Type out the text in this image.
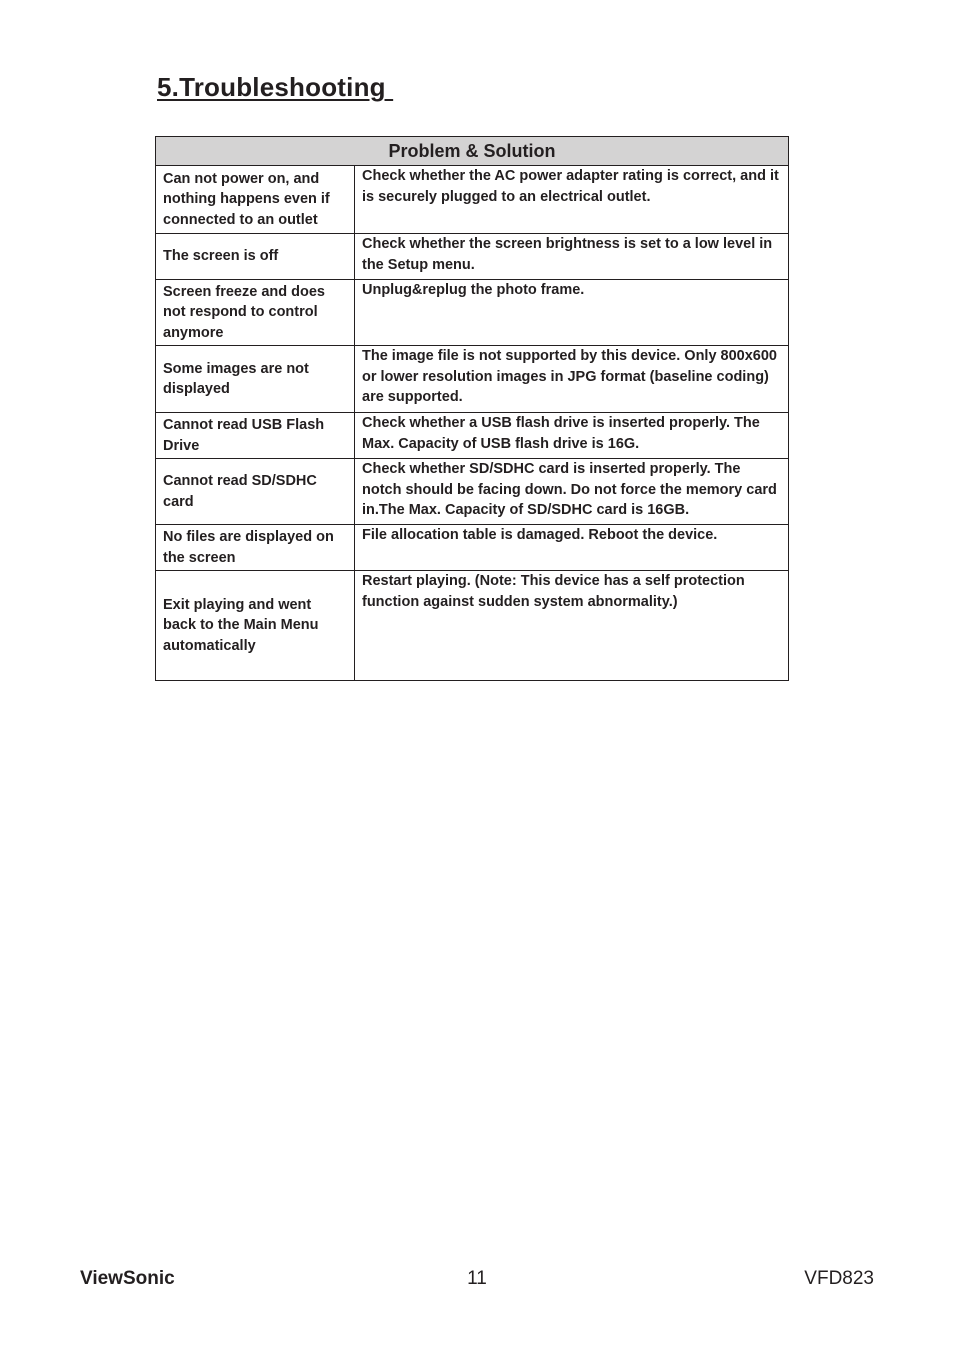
5.Troubleshooting
Problem & Solution	
Can not power on, and nothing happens even if connected to an outlet	Check whether the AC power adapter rating is correct, and it is securely plugged to an electrical outlet.
The screen is off	Check whether the screen brightness is set to a low level in the Setup menu.
Screen freeze and does not respond to control anymore	Unplug&replug the photo frame.
Some images are not displayed	The image file is not supported by this device. Only 800x600 or lower resolution images in JPG format (baseline coding) are supported.
Cannot read USB Flash Drive	Check whether a USB flash drive is inserted properly. The Max. Capacity of USB flash drive is 16G.
Cannot read SD/SDHC card	Check whether SD/SDHC card is inserted properly. The notch should be facing down. Do not force the memory card in.The Max. Capacity of SD/SDHC card is 16GB.
No files are displayed on the screen	File allocation table is damaged. Reboot the device.
Exit playing and went back to the Main Menu automatically	Restart playing. (Note: This device has a self protection function against sudden system abnormality.)
11
ViewSonic	VFD823
